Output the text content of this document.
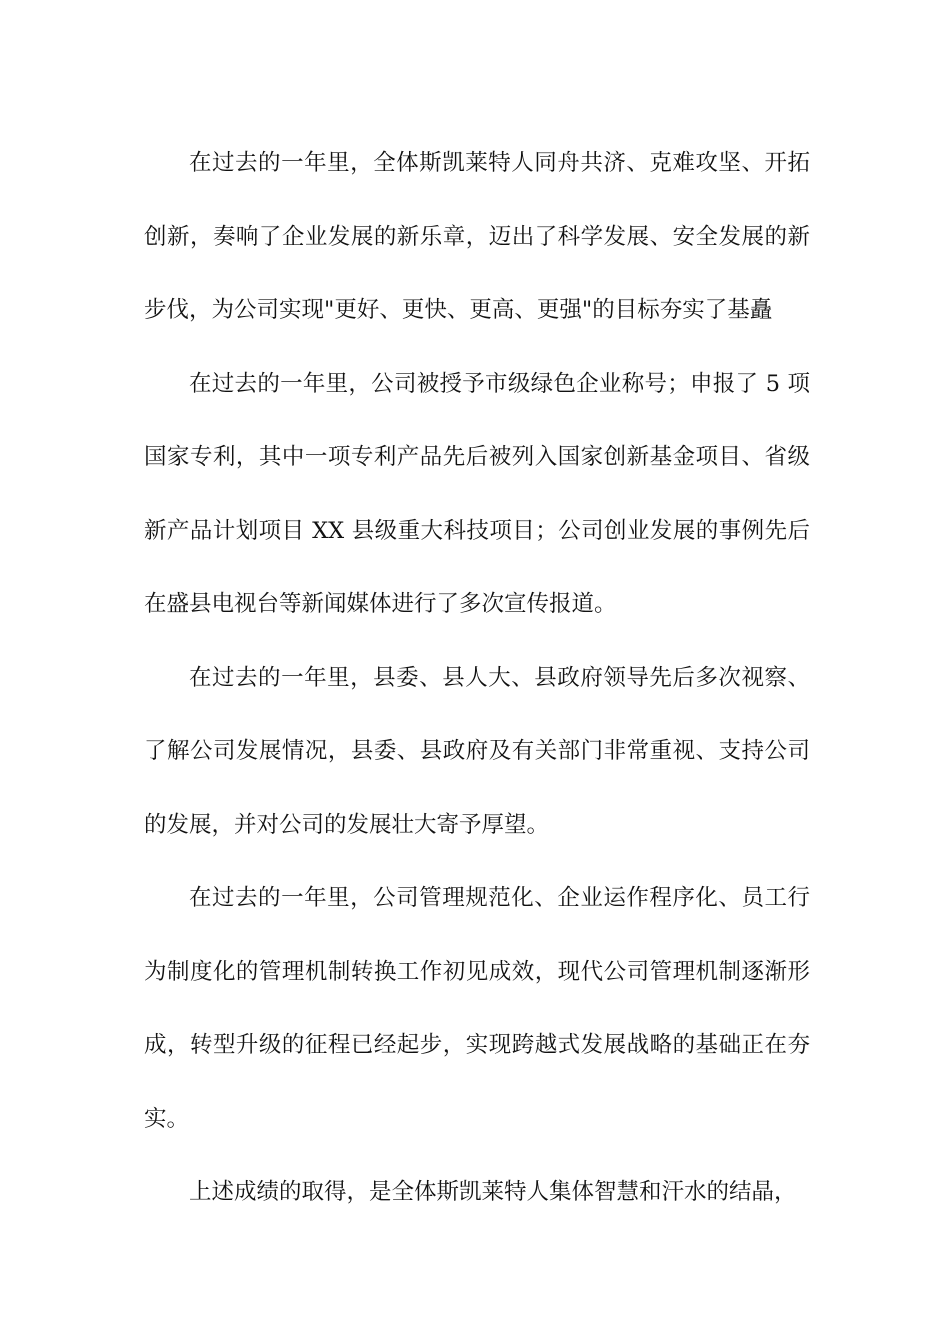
在过去的一年里，全体斯凯莱特人同舟共济、克难攻坚、开拓创新，奏响了企业发展的新乐章，迈出了科学发展、安全发展的新步伐，为公司实现"更好、更快、更高、更强"的目标夯实了基矗

在过去的一年里，公司被授予市级绿色企业称号；申报了 5 项国家专利，其中一项专利产品先后被列入国家创新基金项目、省级新产品计划项目 XX 县级重大科技项目；公司创业发展的事例先后在盛县电视台等新闻媒体进行了多次宣传报道。

在过去的一年里，县委、县人大、县政府领导先后多次视察、了解公司发展情况，县委、县政府及有关部门非常重视、支持公司的发展，并对公司的发展壮大寄予厚望。

在过去的一年里，公司管理规范化、企业运作程序化、员工行为制度化的管理机制转换工作初见成效，现代公司管理机制逐渐形成，转型升级的征程已经起步，实现跨越式发展战略的基础正在夯实。

上述成绩的取得，是全体斯凯莱特人集体智慧和汗水的结晶，
